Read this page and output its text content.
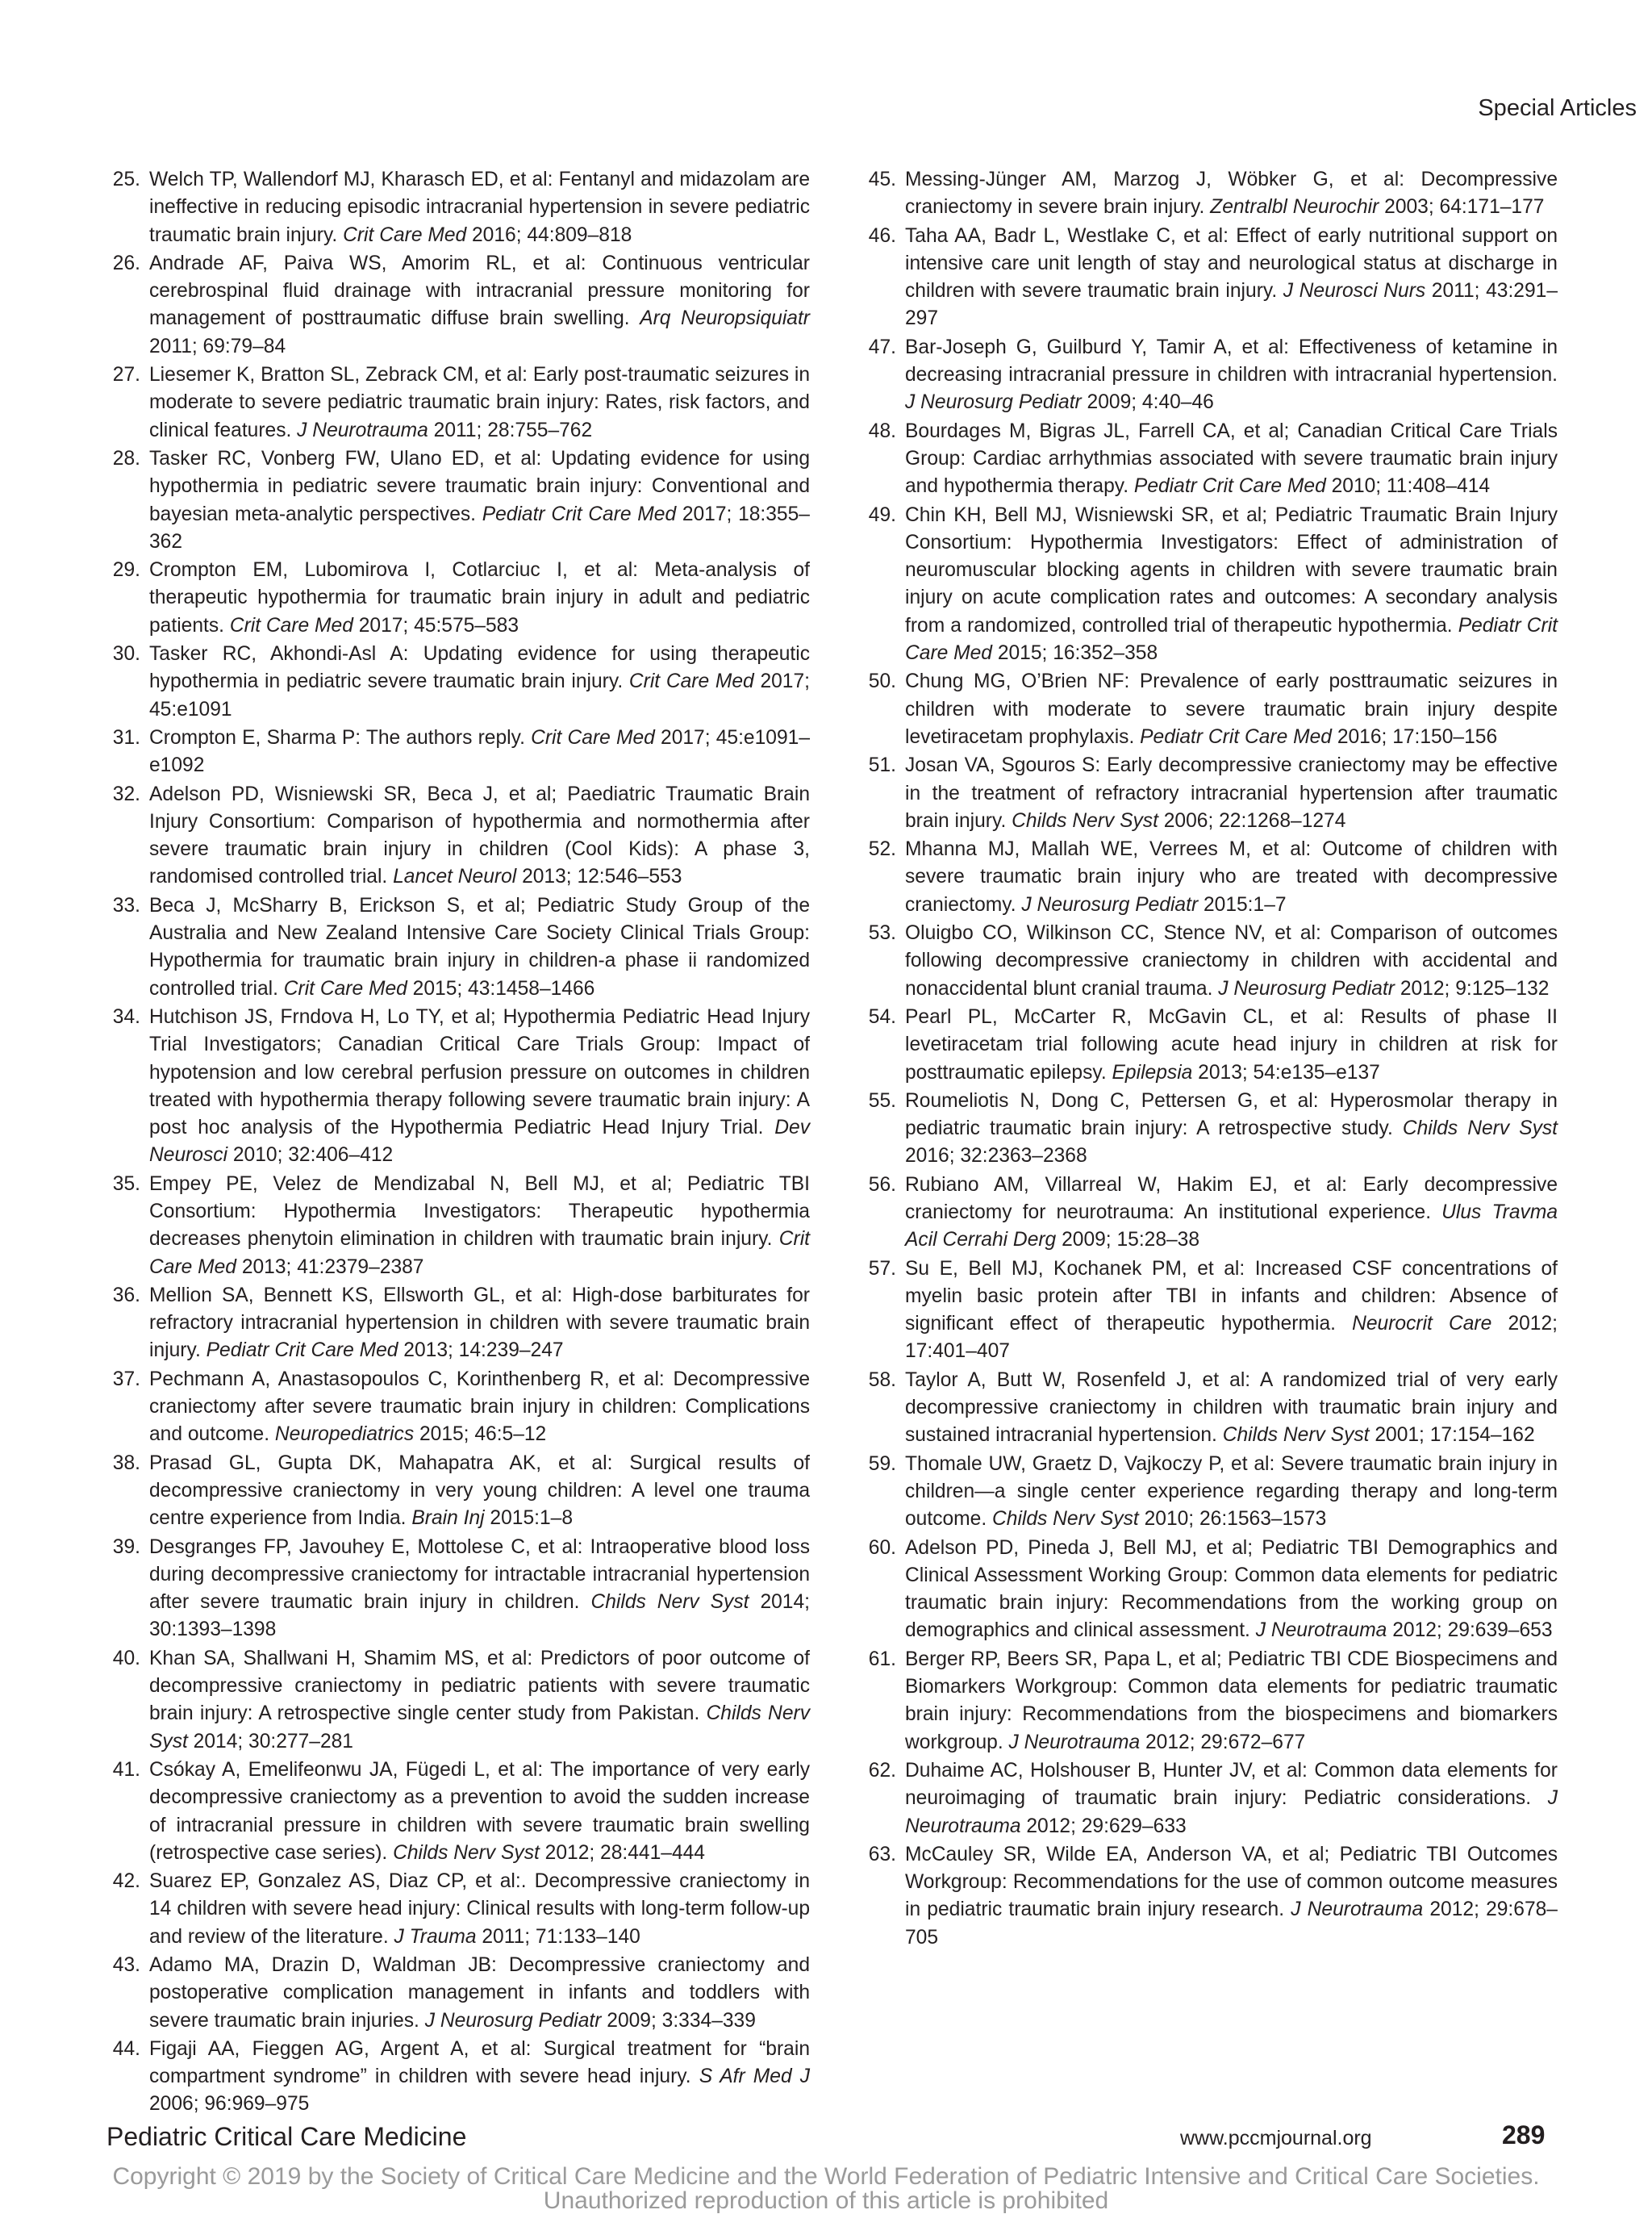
Special Articles
25. Welch TP, Wallendorf MJ, Kharasch ED, et al: Fentanyl and midazolam are ineffective in reducing episodic intracranial hypertension in severe pediatric traumatic brain injury. Crit Care Med 2016; 44:809–818
26. Andrade AF, Paiva WS, Amorim RL, et al: Continuous ventricular cerebrospinal fluid drainage with intracranial pressure monitoring for management of posttraumatic diffuse brain swelling. Arq Neuropsiquiatr 2011; 69:79–84
27. Liesemer K, Bratton SL, Zebrack CM, et al: Early post-traumatic seizures in moderate to severe pediatric traumatic brain injury: Rates, risk factors, and clinical features. J Neurotrauma 2011; 28:755–762
28. Tasker RC, Vonberg FW, Ulano ED, et al: Updating evidence for using hypothermia in pediatric severe traumatic brain injury: Conventional and bayesian meta-analytic perspectives. Pediatr Crit Care Med 2017; 18:355–362
29. Crompton EM, Lubomirova I, Cotlarciuc I, et al: Meta-analysis of therapeutic hypothermia for traumatic brain injury in adult and pediatric patients. Crit Care Med 2017; 45:575–583
30. Tasker RC, Akhondi-Asl A: Updating evidence for using therapeutic hypothermia in pediatric severe traumatic brain injury. Crit Care Med 2017; 45:e1091
31. Crompton E, Sharma P: The authors reply. Crit Care Med 2017; 45:e1091–e1092
32. Adelson PD, Wisniewski SR, Beca J, et al; Paediatric Traumatic Brain Injury Consortium: Comparison of hypothermia and normothermia after severe traumatic brain injury in children (Cool Kids): A phase 3, randomised controlled trial. Lancet Neurol 2013; 12:546–553
33. Beca J, McSharry B, Erickson S, et al; Pediatric Study Group of the Australia and New Zealand Intensive Care Society Clinical Trials Group: Hypothermia for traumatic brain injury in children-a phase ii randomized controlled trial. Crit Care Med 2015; 43:1458–1466
34. Hutchison JS, Frndova H, Lo TY, et al; Hypothermia Pediatric Head Injury Trial Investigators; Canadian Critical Care Trials Group: Impact of hypotension and low cerebral perfusion pressure on outcomes in children treated with hypothermia therapy following severe traumatic brain injury: A post hoc analysis of the Hypothermia Pediatric Head Injury Trial. Dev Neurosci 2010; 32:406–412
35. Empey PE, Velez de Mendizabal N, Bell MJ, et al; Pediatric TBI Consortium: Hypothermia Investigators: Therapeutic hypothermia decreases phenytoin elimination in children with traumatic brain injury. Crit Care Med 2013; 41:2379–2387
36. Mellion SA, Bennett KS, Ellsworth GL, et al: High-dose barbiturates for refractory intracranial hypertension in children with severe traumatic brain injury. Pediatr Crit Care Med 2013; 14:239–247
37. Pechmann A, Anastasopoulos C, Korinthenberg R, et al: Decompressive craniectomy after severe traumatic brain injury in children: Complications and outcome. Neuropediatrics 2015; 46:5–12
38. Prasad GL, Gupta DK, Mahapatra AK, et al: Surgical results of decompressive craniectomy in very young children: A level one trauma centre experience from India. Brain Inj 2015:1–8
39. Desgranges FP, Javouhey E, Mottolese C, et al: Intraoperative blood loss during decompressive craniectomy for intractable intracranial hypertension after severe traumatic brain injury in children. Childs Nerv Syst 2014; 30:1393–1398
40. Khan SA, Shallwani H, Shamim MS, et al: Predictors of poor outcome of decompressive craniectomy in pediatric patients with severe traumatic brain injury: A retrospective single center study from Pakistan. Childs Nerv Syst 2014; 30:277–281
41. Csókay A, Emelifeonwu JA, Fügedi L, et al: The importance of very early decompressive craniectomy as a prevention to avoid the sudden increase of intracranial pressure in children with severe traumatic brain swelling (retrospective case series). Childs Nerv Syst 2012; 28:441–444
42. Suarez EP, Gonzalez AS, Diaz CP, et al:. Decompressive craniectomy in 14 children with severe head injury: Clinical results with long-term follow-up and review of the literature. J Trauma 2011; 71:133–140
43. Adamo MA, Drazin D, Waldman JB: Decompressive craniectomy and postoperative complication management in infants and toddlers with severe traumatic brain injuries. J Neurosurg Pediatr 2009; 3:334–339
44. Figaji AA, Fieggen AG, Argent A, et al: Surgical treatment for “brain compartment syndrome” in children with severe head injury. S Afr Med J 2006; 96:969–975
45. Messing-Jünger AM, Marzog J, Wöbker G, et al: Decompressive craniectomy in severe brain injury. Zentralbl Neurochir 2003; 64:171–177
46. Taha AA, Badr L, Westlake C, et al: Effect of early nutritional support on intensive care unit length of stay and neurological status at discharge in children with severe traumatic brain injury. J Neurosci Nurs 2011; 43:291–297
47. Bar-Joseph G, Guilburd Y, Tamir A, et al: Effectiveness of ketamine in decreasing intracranial pressure in children with intracranial hypertension. J Neurosurg Pediatr 2009; 4:40–46
48. Bourdages M, Bigras JL, Farrell CA, et al; Canadian Critical Care Trials Group: Cardiac arrhythmias associated with severe traumatic brain injury and hypothermia therapy. Pediatr Crit Care Med 2010; 11:408–414
49. Chin KH, Bell MJ, Wisniewski SR, et al; Pediatric Traumatic Brain Injury Consortium: Hypothermia Investigators: Effect of administration of neuromuscular blocking agents in children with severe traumatic brain injury on acute complication rates and outcomes: A secondary analysis from a randomized, controlled trial of therapeutic hypothermia. Pediatr Crit Care Med 2015; 16:352–358
50. Chung MG, O’Brien NF: Prevalence of early posttraumatic seizures in children with moderate to severe traumatic brain injury despite levetiracetam prophylaxis. Pediatr Crit Care Med 2016; 17:150–156
51. Josan VA, Sgouros S: Early decompressive craniectomy may be effective in the treatment of refractory intracranial hypertension after traumatic brain injury. Childs Nerv Syst 2006; 22:1268–1274
52. Mhanna MJ, Mallah WE, Verrees M, et al: Outcome of children with severe traumatic brain injury who are treated with decompressive craniectomy. J Neurosurg Pediatr 2015:1–7
53. Oluigbo CO, Wilkinson CC, Stence NV, et al: Comparison of outcomes following decompressive craniectomy in children with accidental and nonaccidental blunt cranial trauma. J Neurosurg Pediatr 2012; 9:125–132
54. Pearl PL, McCarter R, McGavin CL, et al: Results of phase II levetiracetam trial following acute head injury in children at risk for posttraumatic epilepsy. Epilepsia 2013; 54:e135–e137
55. Roumeliotis N, Dong C, Pettersen G, et al: Hyperosmolar therapy in pediatric traumatic brain injury: A retrospective study. Childs Nerv Syst 2016; 32:2363–2368
56. Rubiano AM, Villarreal W, Hakim EJ, et al: Early decompressive craniectomy for neurotrauma: An institutional experience. Ulus Travma Acil Cerrahi Derg 2009; 15:28–38
57. Su E, Bell MJ, Kochanek PM, et al: Increased CSF concentrations of myelin basic protein after TBI in infants and children: Absence of significant effect of therapeutic hypothermia. Neurocrit Care 2012; 17:401–407
58. Taylor A, Butt W, Rosenfeld J, et al: A randomized trial of very early decompressive craniectomy in children with traumatic brain injury and sustained intracranial hypertension. Childs Nerv Syst 2001; 17:154–162
59. Thomale UW, Graetz D, Vajkoczy P, et al: Severe traumatic brain injury in children—a single center experience regarding therapy and long-term outcome. Childs Nerv Syst 2010; 26:1563–1573
60. Adelson PD, Pineda J, Bell MJ, et al; Pediatric TBI Demographics and Clinical Assessment Working Group: Common data elements for pediatric traumatic brain injury: Recommendations from the working group on demographics and clinical assessment. J Neurotrauma 2012; 29:639–653
61. Berger RP, Beers SR, Papa L, et al; Pediatric TBI CDE Biospecimens and Biomarkers Workgroup: Common data elements for pediatric traumatic brain injury: Recommendations from the biospecimens and biomarkers workgroup. J Neurotrauma 2012; 29:672–677
62. Duhaime AC, Holshouser B, Hunter JV, et al: Common data elements for neuroimaging of traumatic brain injury: Pediatric considerations. J Neurotrauma 2012; 29:629–633
63. McCauley SR, Wilde EA, Anderson VA, et al; Pediatric TBI Outcomes Workgroup: Recommendations for the use of common outcome measures in pediatric traumatic brain injury research. J Neurotrauma 2012; 29:678–705
Pediatric Critical Care Medicine	www.pccmjournal.org	289
Copyright © 2019 by the Society of Critical Care Medicine and the World Federation of Pediatric Intensive and Critical Care Societies.
Unauthorized reproduction of this article is prohibited
